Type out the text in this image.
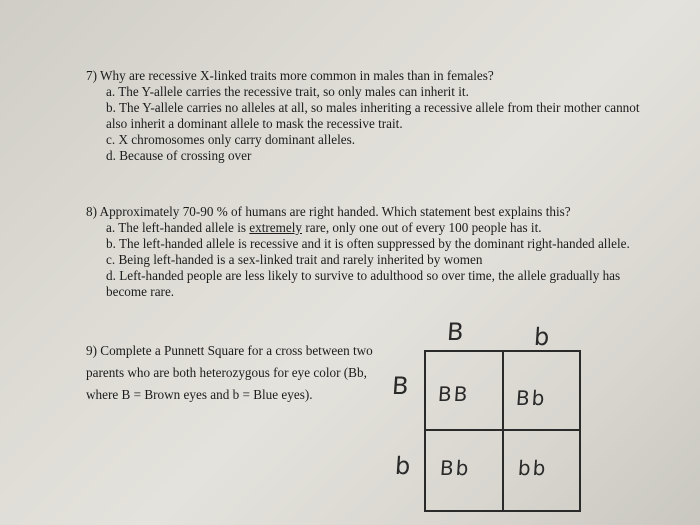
7) Why are recessive X-linked traits more common in males than in females?
a. The Y-allele carries the recessive trait, so only males can inherit it.
b. The Y-allele carries no alleles at all, so males inheriting a recessive allele from their mother cannot also inherit a dominant allele to mask the recessive trait.
c. X chromosomes only carry dominant alleles.
d. Because of crossing over
8) Approximately 70-90 % of humans are right handed. Which statement best explains this?
a. The left-handed allele is extremely rare, only one out of every 100 people has it.
b. The left-handed allele is recessive and it is often suppressed by the dominant right-handed allele.
c. Being left-handed is a sex-linked trait and rarely inherited by women
d. Left-handed people are less likely to survive to adulthood so over time, the allele gradually has become rare.
9) Complete a Punnett Square for a cross between two
parents who are both heterozygous for eye color (Bb,
where B = Brown eyes and b = Blue eyes).
B	b
B
b
BB Bb
Bb bb
